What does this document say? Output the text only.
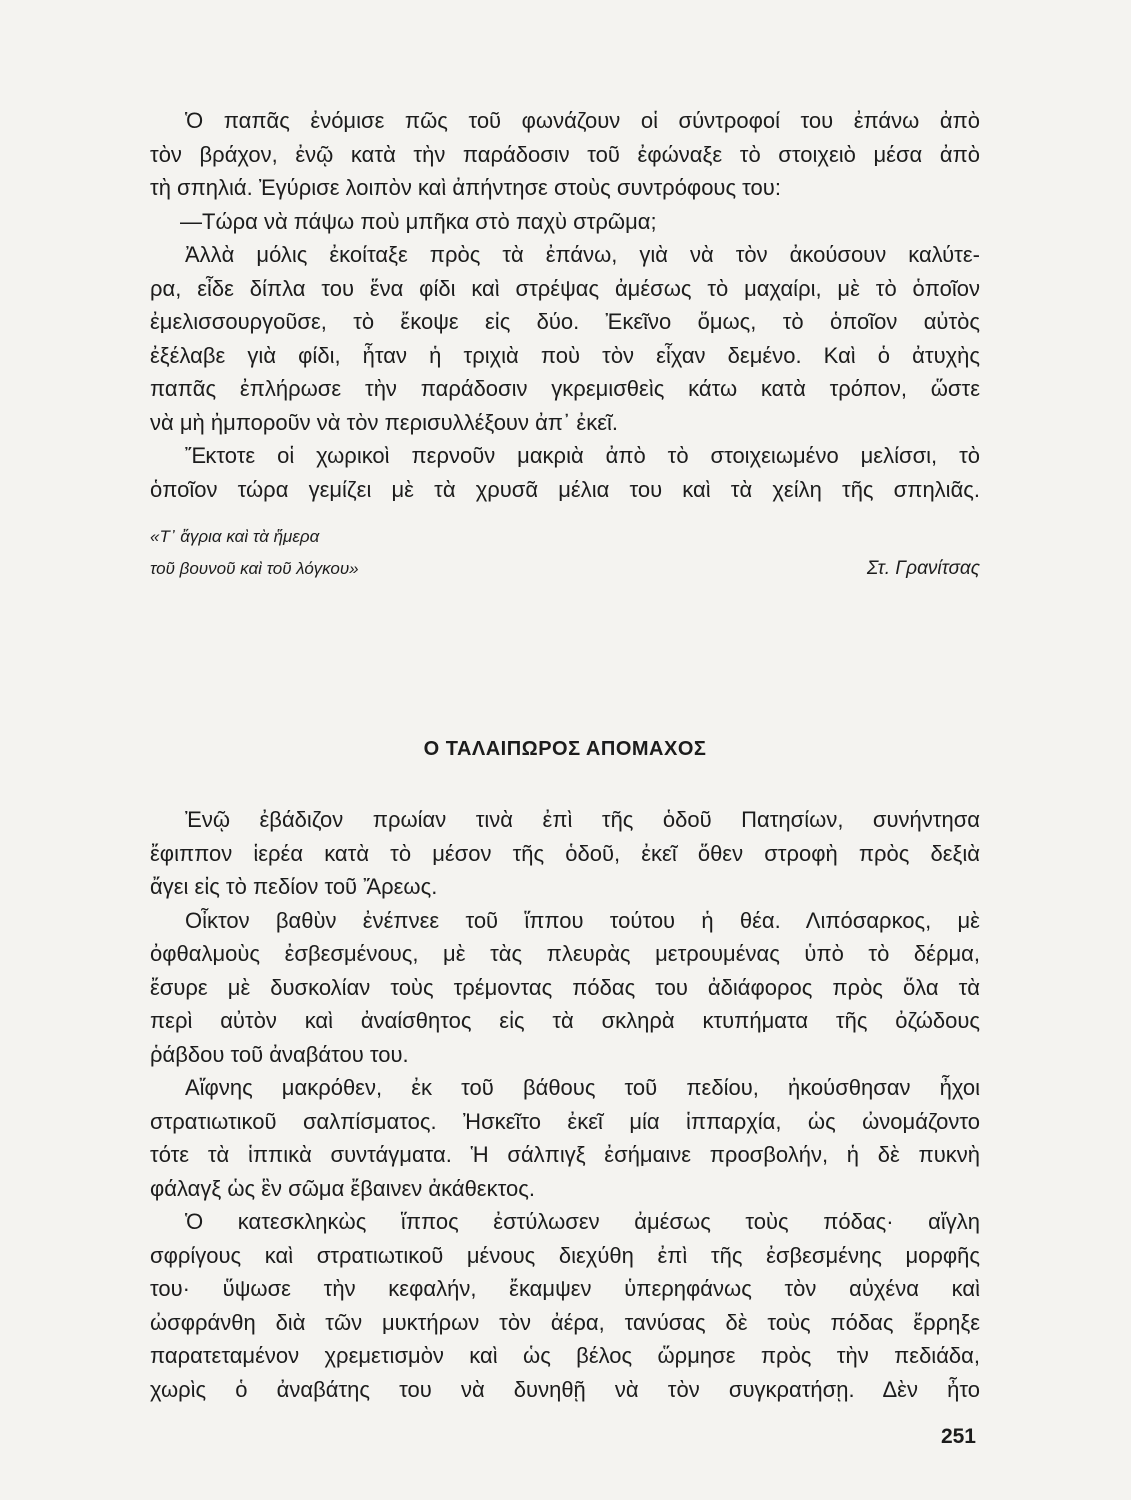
Ὁ παπᾶς ἐνόμισε πῶς τοῦ φωνάζουν οἱ σύντροφοί του ἐπάνω ἀπὸ
τὸν βράχον, ἐνῷ κατὰ τὴν παράδοσιν τοῦ ἐφώναξε τὸ στοιχειὸ μέσα ἀπὸ
τὴ σπηλιά. Ἐγύρισε λοιπὸν καὶ ἀπήντησε στοὺς συντρόφους του:
—Τώρα νὰ πάψω ποὺ μπῆκα στὸ παχὺ στρῶμα;
Ἀλλὰ μόλις ἐκοίταξε πρὸς τὰ ἐπάνω, γιὰ νὰ τὸν ἀκούσουν καλύτε-
ρα, εἶδε δίπλα του ἕνα φίδι καὶ στρέψας ἀμέσως τὸ μαχαίρι, μὲ τὸ ὁποῖον
ἐμελισσουργοῦσε, τὸ ἔκοψε εἰς δύο. Ἐκεῖνο ὅμως, τὸ ὁποῖον αὐτὸς
ἐξέλαβε γιὰ φίδι, ἦταν ἡ τριχιὰ ποὺ τὸν εἶχαν δεμένο. Καὶ ὁ ἀτυχὴς
παπᾶς ἐπλήρωσε τὴν παράδοσιν γκρεμισθεὶς κάτω κατὰ τρόπον, ὥστε
νὰ μὴ ἠμποροῦν νὰ τὸν περισυλλέξουν ἀπ᾿ ἐκεῖ.
Ἔκτοτε οἱ χωρικοὶ περνοῦν μακριὰ ἀπὸ τὸ στοιχειωμένο μελίσσι, τὸ
ὁποῖον τώρα γεμίζει μὲ τὰ χρυσᾶ μέλια του καὶ τὰ χείλη τῆς σπηλιᾶς.
«Τ᾿ ἄγρια καὶ τὰ ἥμερα
τοῦ βουνοῦ καὶ τοῦ λόγκου»	Στ. Γρανίτσας
Ο ΤΑΛΑΙΠΩΡΟΣ ΑΠΟΜΑΧΟΣ
Ἐνῷ ἐβάδιζον πρωίαν τινὰ ἐπὶ τῆς ὁδοῦ Πατησίων, συνήντησα
ἔφιππον ἱερέα κατὰ τὸ μέσον τῆς ὁδοῦ, ἐκεῖ ὅθεν στροφὴ πρὸς δεξιὰ
ἄγει εἰς τὸ πεδίον τοῦ Ἄρεως.
Οἶκτον βαθὺν ἐνέπνεε τοῦ ἵππου τούτου ἡ θέα. Λιπόσαρκος, μὲ
ὀφθαλμοὺς ἐσβεσμένους, μὲ τὰς πλευρὰς μετρουμένας ὑπὸ τὸ δέρμα,
ἔσυρε μὲ δυσκολίαν τοὺς τρέμοντας πόδας του ἀδιάφορος πρὸς ὅλα τὰ
περὶ αὐτὸν καὶ ἀναίσθητος εἰς τὰ σκληρὰ κτυπήματα τῆς ὀζώδους
ῥάβδου τοῦ ἀναβάτου του.
Αἴφνης μακρόθεν, ἐκ τοῦ βάθους τοῦ πεδίου, ἠκούσθησαν ἦχοι
στρατιωτικοῦ σαλπίσματος. Ἠσκεῖτο ἐκεῖ μία ἱππαρχία, ὡς ὠνομάζοντο
τότε τὰ ἱππικὰ συντάγματα. Ἡ σάλπιγξ ἐσήμαινε προσβολήν, ἡ δὲ πυκνὴ
φάλαγξ ὡς ἓν σῶμα ἔβαινεν ἀκάθεκτος.
Ὁ κατεσκληκὼς ἵππος ἐστύλωσεν ἀμέσως τοὺς πόδας· αἴγλη
σφρίγους καὶ στρατιωτικοῦ μένους διεχύθη ἐπὶ τῆς ἐσβεσμένης μορφῆς
του· ὕψωσε τὴν κεφαλήν, ἔκαμψεν ὑπερηφάνως τὸν αὐχένα καὶ
ὠσφράνθη διὰ τῶν μυκτήρων τὸν ἀέρα, τανύσας δὲ τοὺς πόδας ἔρρηξε
παρατεταμένον χρεμετισμὸν καὶ ὡς βέλος ὥρμησε πρὸς τὴν πεδιάδα,
χωρὶς ὁ ἀναβάτης του νὰ δυνηθῇ νὰ τὸν συγκρατήσῃ. Δὲν ἦτο
251
